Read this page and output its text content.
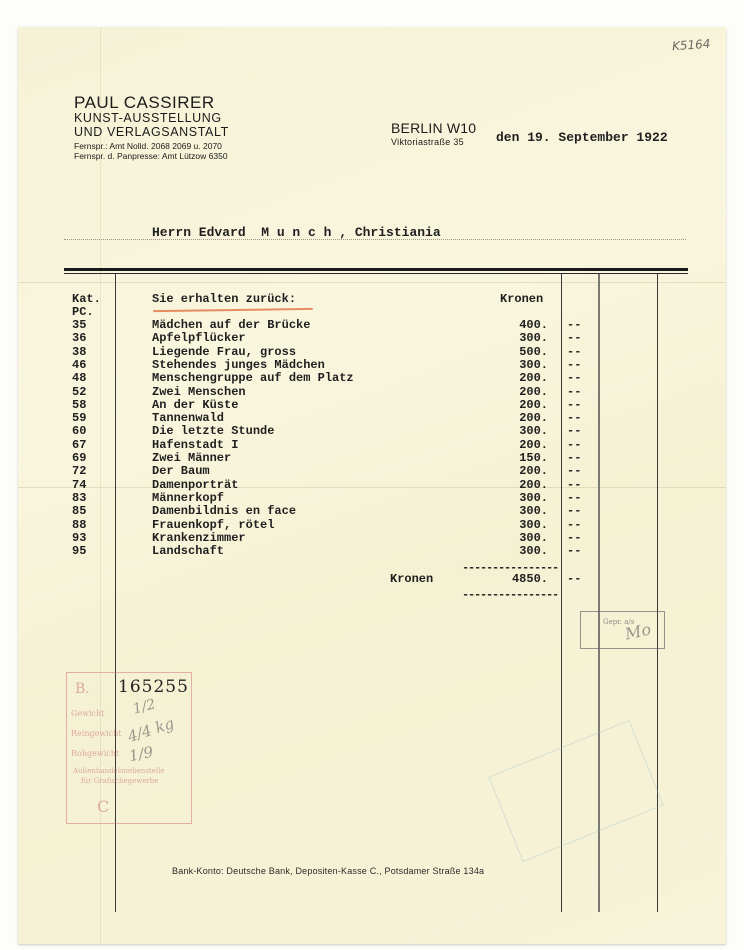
K5164
PAUL CASSIRER
KUNST-AUSSTELLUNG
UND VERLAGSANSTALT
Fernspr.: Amt Nolld. 2068 2069 u. 2070
Fernspr. d. Panpresse: Amt Lützow 6350
BERLIN W10
Viktoriastraße 35 den 19. September 1922
Herrn Edvard  M u n c h , Christiania
Kat.
PC.
Sie erhalten zurück:	Kronen
35	Mädchen auf der Brücke	400. --
36	Apfelpflücker	300. --
38	Liegende Frau, gross	500. --
46	Stehendes junges Mädchen	300. --
48	Menschengruppe auf dem Platz	200. --
52	Zwei Menschen	200. --
58	An der Küste	200. --
59	Tannenwald	200. --
60	Die letzte Stunde	300. --
67	Hafenstadt I	200. --
69	Zwei Männer	150. --
72	Der Baum	200. --
74	Damenporträt	200. --
83	Männerkopf	300. --
85	Damenbildnis en face	300. --
88	Frauenkopf, rötel	300. --
93	Krankenzimmer	300. --
95	Landschaft	300. --
----------------
Kronen	4850. --
----------------
Gepr. a/s
Mo
B.
Gewicht
Reingewicht
Rohgewicht
Außenhandelsnebenstelle
für Grafischegewerbe
C
1/2
4/4 kg
1/9
165255
Bank-Konto: Deutsche Bank, Depositen-Kasse C., Potsdamer Straße 134a
